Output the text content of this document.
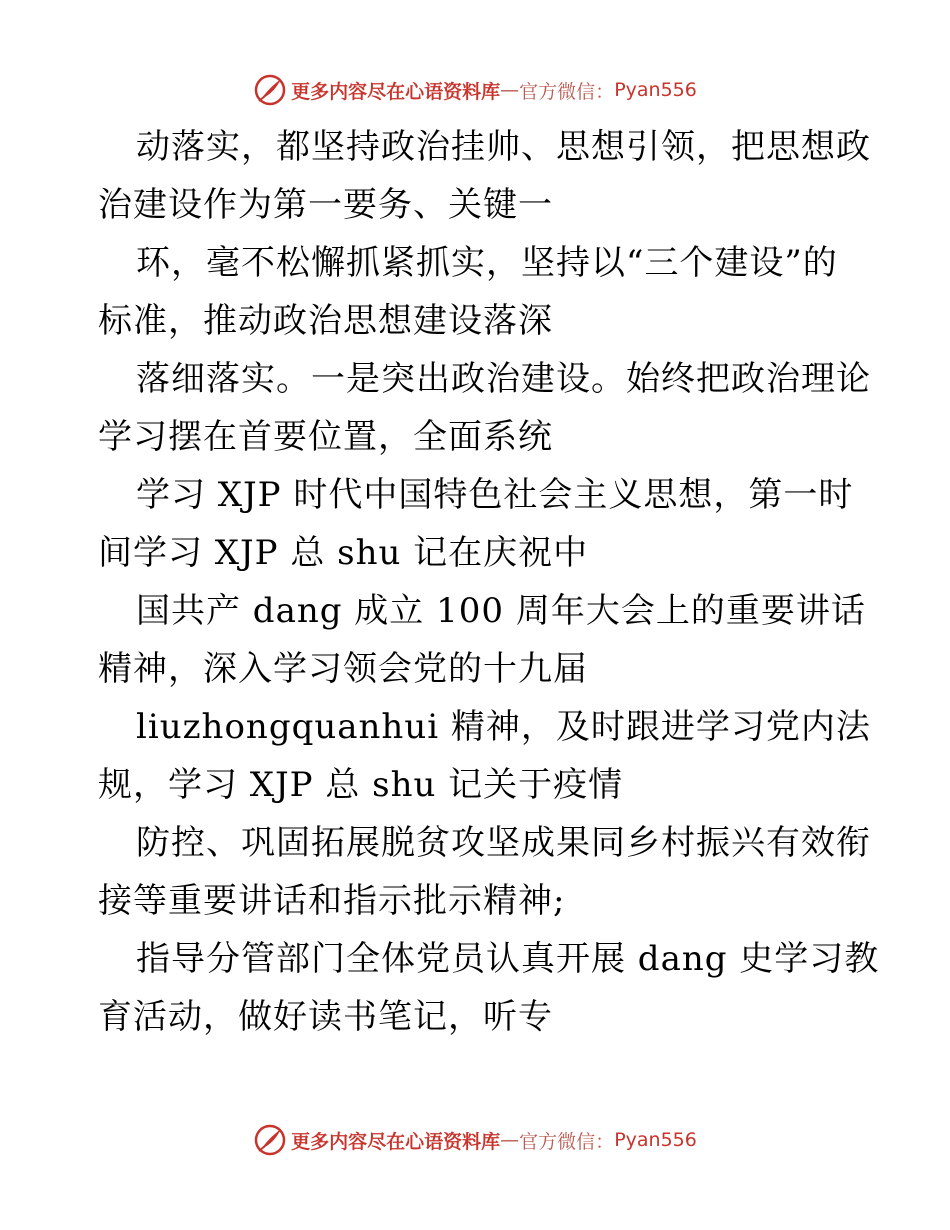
更多内容尽在心语资料库 — 官方微信： Pyan556
动落实，都坚持政治挂帅、思想引领，把思想政
治建设作为第一要务、关键一
环，毫不松懈抓紧抓实，坚持以“三个建设”的
标准，推动政治思想建设落深
落细落实。一是突出政治建设。始终把政治理论
学习摆在首要位置，全面系统
学习 XJP 时代中国特色社会主义思想，第一时
间学习 XJP 总 shu 记在庆祝中
国共产 dang 成立 100 周年大会上的重要讲话
精神，深入学习领会党的十九届
liuzhongquanhui 精神，及时跟进学习党内法
规，学习 XJP 总 shu 记关于疫情
防控、巩固拓展脱贫攻坚成果同乡村振兴有效衔
接等重要讲话和指示批示精神;
指导分管部门全体党员认真开展 dang 史学习教
育活动，做好读书笔记，听专
更多内容尽在心语资料库 — 官方微信： Pyan556
